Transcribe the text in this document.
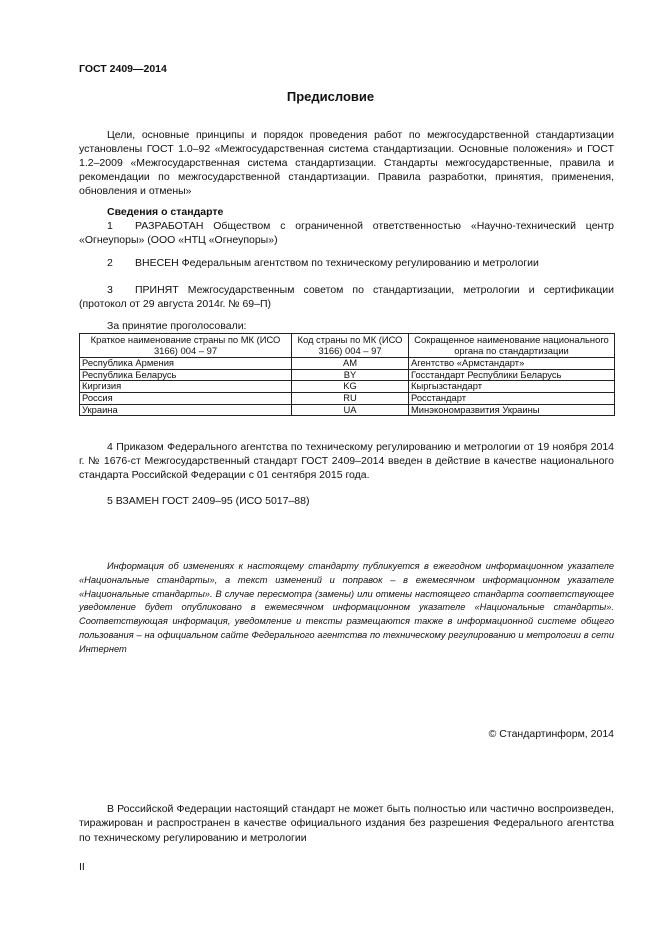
ГОСТ 2409—2014
Предисловие
Цели, основные принципы и порядок проведения работ по межгосударственной стандартизации установлены ГОСТ 1.0–92 «Межгосударственная система стандартизации. Основные положения» и ГОСТ 1.2–2009 «Межгосударственная система стандартизации. Стандарты межгосударственные, правила и рекомендации по межгосударственной стандартизации. Правила разработки, принятия, применения, обновления и отмены»
Сведения о стандарте
1 РАЗРАБОТАН Обществом с ограниченной ответственностью «Научно-технический центр «Огнеупоры» (ООО «НТЦ «Огнеупоры»)
2 ВНЕСЕН Федеральным агентством по техническому регулированию и метрологии
3 ПРИНЯТ Межгосударственным советом по стандартизации, метрологии и сертификации (протокол от 29 августа 2014г. № 69–П)
За принятие проголосовали:
Краткое наименование страны по МК (ИСО 3166) 004 – 97	Код страны по МК (ИСО 3166) 004 – 97	Сокращенное наименование национального органа по стандартизации
Республика Армения	AM	Агентство «Армстандарт»
Республика Беларусь	BY	Госстандарт Республики Беларусь
Киргизия	KG	Кыргызстандарт
Россия	RU	Росстандарт
Украина	UA	Минэкономразвития Украины
4 Приказом Федерального агентства по техническому регулированию и метрологии от 19 ноября 2014 г. № 1676-ст Межгосударственный стандарт ГОСТ 2409–2014 введен в действие в качестве национального стандарта Российской Федерации с 01 сентября 2015 года.
5 ВЗАМЕН ГОСТ 2409–95 (ИСО 5017–88)
Информация об изменениях к настоящему стандарту публикуется в ежегодном информационном указателе «Национальные стандарты», а текст изменений и поправок – в ежемесячном информационном указателе «Национальные стандарты». В случае пересмотра (замены) или отмены настоящего стандарта соответствующее уведомление будет опубликовано в ежемесячном информационном указателе «Национальные стандарты». Соответствующая информация, уведомление и тексты размещаются также в информационной системе общего пользования – на официальном сайте Федерального агентства по техническому регулированию и метрологии в сети Интернет
© Стандартинформ, 2014
В Российской Федерации настоящий стандарт не может быть полностью или частично воспроизведен, тиражирован и распространен в качестве официального издания без разрешения Федерального агентства по техническому регулированию и метрологии
II
